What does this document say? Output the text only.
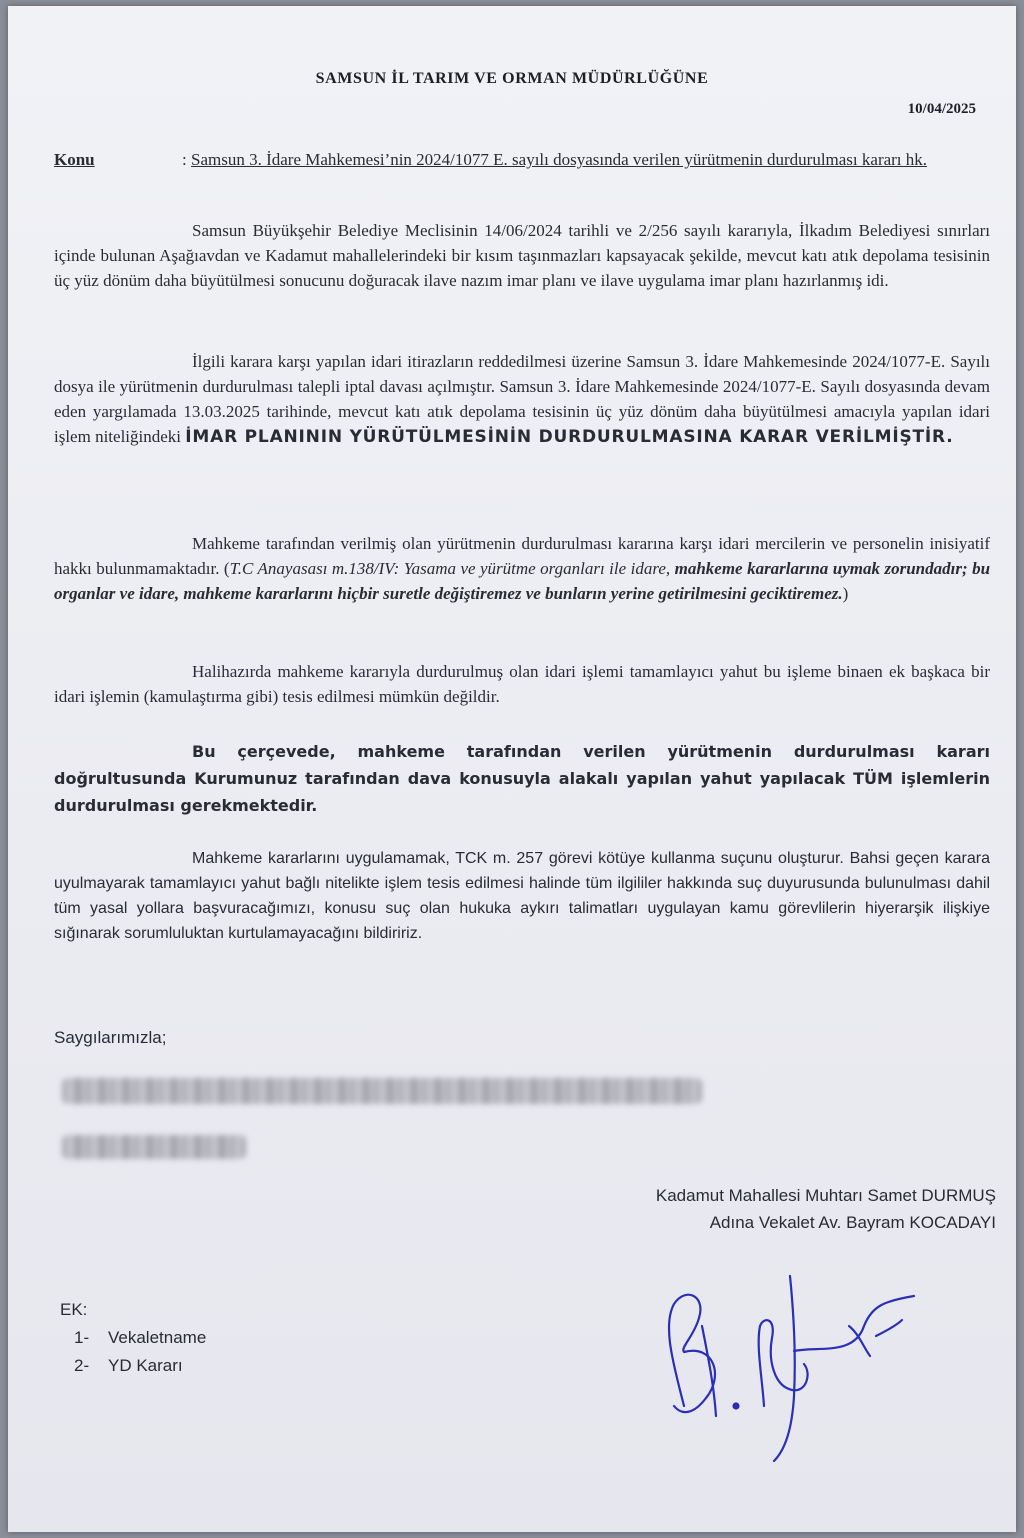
SAMSUN İL TARIM VE ORMAN MÜDÜRLÜĞÜNE
10/04/2025
Konu	: Samsun 3. İdare Mahkemesi’nin 2024/1077 E. sayılı dosyasında verilen yürütmenin durdurulması kararı hk.

Samsun Büyükşehir Belediye Meclisinin 14/06/2024 tarihli ve 2/256 sayılı kararıyla, İlkadım Belediyesi sınırları içinde bulunan Aşağıavdan ve Kadamut mahallelerindeki bir kısım taşınmazları kapsayacak şekilde, mevcut katı atık depolama tesisinin üç yüz dönüm daha büyütülmesi sonucunu doğuracak ilave nazım imar planı ve ilave uygulama imar planı hazırlanmış idi.

İlgili karara karşı yapılan idari itirazların reddedilmesi üzerine Samsun 3. İdare Mahkemesinde 2024/1077-E. Sayılı dosya ile yürütmenin durdurulması talepli iptal davası açılmıştır. Samsun 3. İdare Mahkemesinde 2024/1077-E. Sayılı dosyasında devam eden yargılamada 13.03.2025 tarihinde, mevcut katı atık depolama tesisinin üç yüz dönüm daha büyütülmesi amacıyla yapılan idari işlem niteliğindeki İMAR PLANININ YÜRÜTÜLMESİNİN DURDURULMASINA KARAR VERİLMİŞTİR.

Mahkeme tarafından verilmiş olan yürütmenin durdurulması kararına karşı idari mercilerin ve personelin inisiyatif hakkı bulunmamaktadır. (T.C Anayasası m.138/IV: Yasama ve yürütme organları ile idare, mahkeme kararlarına uymak zorundadır; bu organlar ve idare, mahkeme kararlarını hiçbir suretle değiştiremez ve bunların yerine getirilmesini geciktiremez.)

Halihazırda mahkeme kararıyla durdurulmuş olan idari işlemi tamamlayıcı yahut bu işleme binaen ek başkaca bir idari işlemin (kamulaştırma gibi) tesis edilmesi mümkün değildir.

Bu çerçevede, mahkeme tarafından verilen yürütmenin durdurulması kararı doğrultusunda Kurumunuz tarafından dava konusuyla alakalı yapılan yahut yapılacak TÜM işlemlerin durdurulması gerekmektedir.

Mahkeme kararlarını uygulamamak, TCK m. 257 görevi kötüye kullanma suçunu oluşturur. Bahsi geçen karara uyulmayarak tamamlayıcı yahut bağlı nitelikte işlem tesis edilmesi halinde tüm ilgililer hakkında suç duyurusunda bulunulması dahil tüm yasal yollara başvuracağımızı, konusu suç olan hukuka aykırı talimatları uygulayan kamu görevlilerin hiyerarşik ilişkiye sığınarak sorumluluktan kurtulamayacağını bildiririz.

Saygılarımızla;
Kadamut Mahallesi Muhtarı Samet DURMUŞ
Adına Vekalet Av. Bayram KOCADAYI
EK:
1- Vekaletname
2- YD Kararı
